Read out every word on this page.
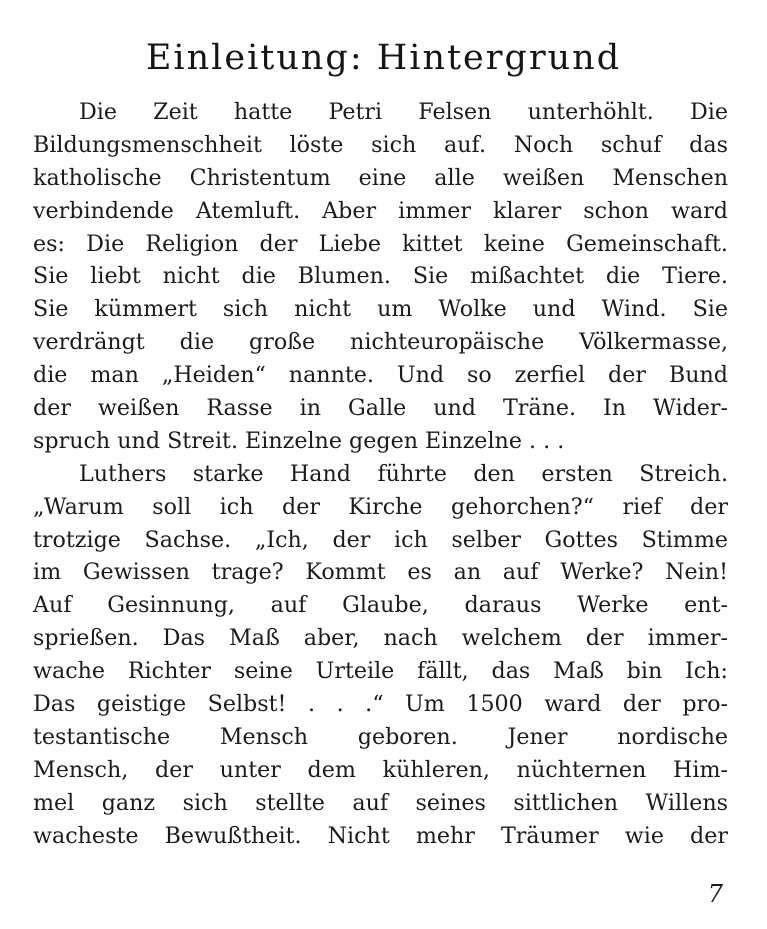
Einleitung: Hintergrund
Die Zeit hatte Petri Felsen unterhöhlt. Die
Bildungsmenschheit löste sich auf. Noch schuf das
katholische Christentum eine alle weißen Menschen
verbindende Atemluft. Aber immer klarer schon ward
es: Die Religion der Liebe kittet keine Gemeinschaft.
Sie liebt nicht die Blumen. Sie mißachtet die Tiere.
Sie kümmert sich nicht um Wolke und Wind. Sie
verdrängt die große nichteuropäische Völkermasse,
die man „Heiden“ nannte. Und so zerfiel der Bund
der weißen Rasse in Galle und Träne. In Wider-
spruch und Streit. Einzelne gegen Einzelne . . .
Luthers starke Hand führte den ersten Streich.
„Warum soll ich der Kirche gehorchen?“ rief der
trotzige Sachse. „Ich, der ich selber Gottes Stimme
im Gewissen trage? Kommt es an auf Werke? Nein!
Auf Gesinnung, auf Glaube, daraus Werke ent-
sprießen. Das Maß aber, nach welchem der immer-
wache Richter seine Urteile fällt, das Maß bin Ich:
Das geistige Selbst! . . .“ Um 1500 ward der pro-
testantische Mensch geboren. Jener nordische
Mensch, der unter dem kühleren, nüchternen Him-
mel ganz sich stellte auf seines sittlichen Willens
wacheste Bewußtheit. Nicht mehr Träumer wie der
7
